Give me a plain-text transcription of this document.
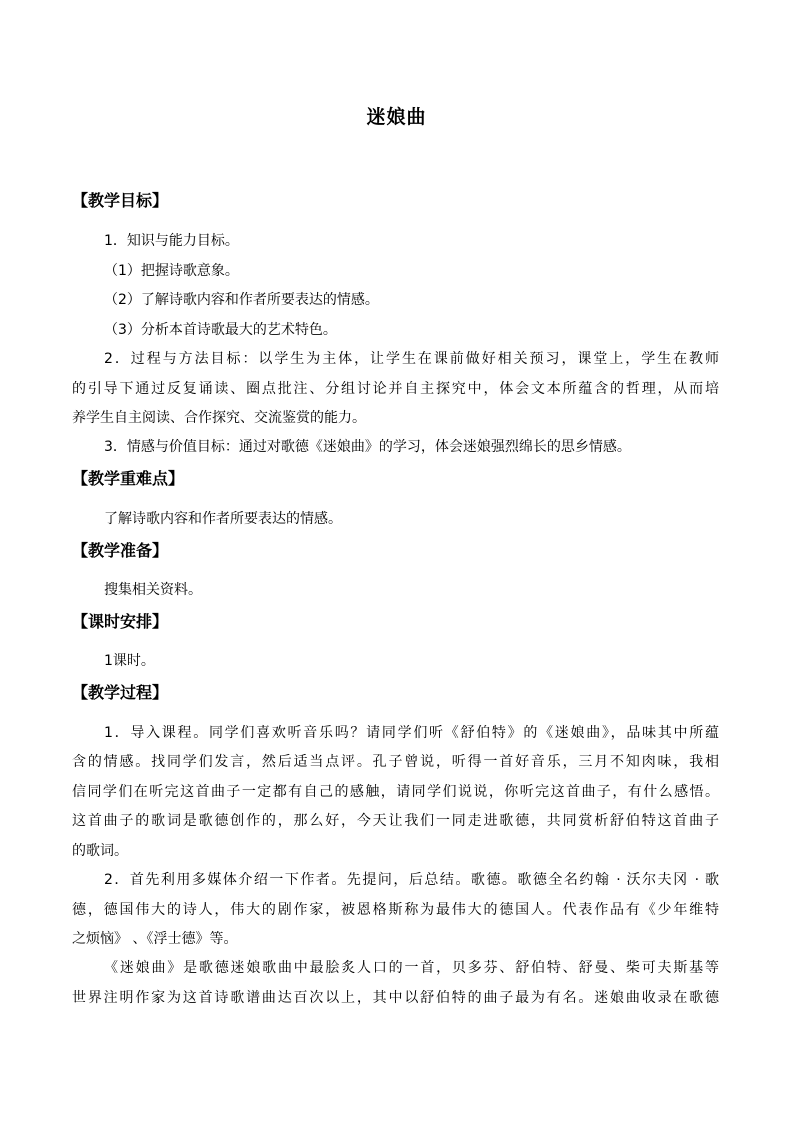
迷娘曲
【教学目标】
1．知识与能力目标。
（1）把握诗歌意象。
（2）了解诗歌内容和作者所要表达的情感。
（3）分析本首诗歌最大的艺术特色。
2．过程与方法目标：以学生为主体，让学生在课前做好相关预习，课堂上，学生在教师
的引导下通过反复诵读、圈点批注、分组讨论并自主探究中，体会文本所蕴含的哲理，从而培
养学生自主阅读、合作探究、交流鉴赏的能力。
3．情感与价值目标：通过对歌德《迷娘曲》的学习，体会迷娘强烈绵长的思乡情感。
【教学重难点】
了解诗歌内容和作者所要表达的情感。
【教学准备】
搜集相关资料。
【课时安排】
1课时。
【教学过程】
1．导入课程。同学们喜欢听音乐吗？请同学们听《舒伯特》的《迷娘曲》，品味其中所蕴
含的情感。找同学们发言，然后适当点评。孔子曾说，听得一首好音乐，三月不知肉味，我相
信同学们在听完这首曲子一定都有自己的感触，请同学们说说，你听完这首曲子，有什么感悟。
这首曲子的歌词是歌德创作的，那么好，今天让我们一同走进歌德，共同赏析舒伯特这首曲子
的歌词。
2．首先利用多媒体介绍一下作者。先提问，后总结。歌德。歌德全名约翰 · 沃尔夫冈 · 歌
德，德国伟大的诗人，伟大的剧作家，被恩格斯称为最伟大的德国人。代表作品有《少年维特
之烦恼》 、《浮士德》等。
《迷娘曲》是歌德迷娘歌曲中最脍炙人口的一首，贝多芬、舒伯特、舒曼、柴可夫斯基等
世界注明作家为这首诗歌谱曲达百次以上，其中以舒伯特的曲子最为有名。迷娘曲收录在歌德
